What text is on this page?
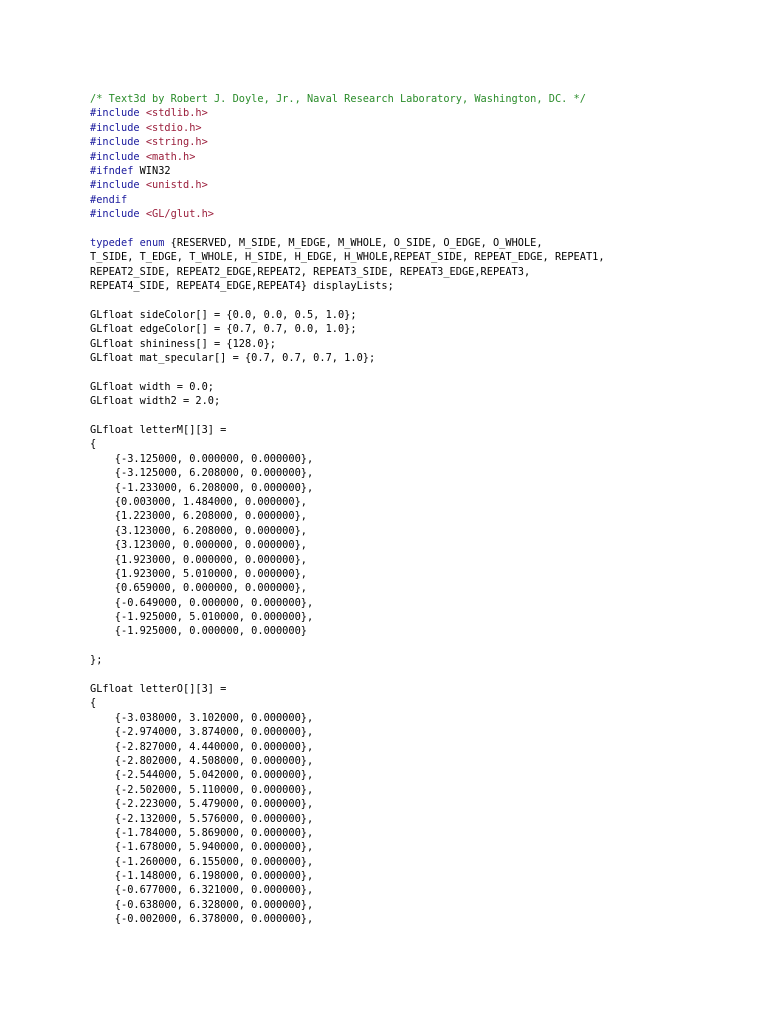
/* Text3d by Robert J. Doyle, Jr., Naval Research Laboratory, Washington, DC. */
#include <stdlib.h>
#include <stdio.h>
#include <string.h>
#include <math.h>
#ifndef WIN32
#include <unistd.h>
#endif
#include <GL/glut.h>
typedef enum {RESERVED, M_SIDE, M_EDGE, M_WHOLE, O_SIDE, O_EDGE, O_WHOLE,
T_SIDE, T_EDGE, T_WHOLE, H_SIDE, H_EDGE, H_WHOLE,REPEAT_SIDE, REPEAT_EDGE, REPEAT1,
REPEAT2_SIDE, REPEAT2_EDGE,REPEAT2, REPEAT3_SIDE, REPEAT3_EDGE,REPEAT3,
REPEAT4_SIDE, REPEAT4_EDGE,REPEAT4} displayLists;
GLfloat sideColor[] = {0.0, 0.0, 0.5, 1.0};
GLfloat edgeColor[] = {0.7, 0.7, 0.0, 1.0};
GLfloat shininess[] = {128.0};
GLfloat mat_specular[] = {0.7, 0.7, 0.7, 1.0};
GLfloat width = 0.0;
GLfloat width2 = 2.0;
GLfloat letterM[][3] =
{
{-3.125000, 0.000000, 0.000000},
{-3.125000, 6.208000, 0.000000},
{-1.233000, 6.208000, 0.000000},
{0.003000, 1.484000, 0.000000},
{1.223000, 6.208000, 0.000000},
{3.123000, 6.208000, 0.000000},
{3.123000, 0.000000, 0.000000},
{1.923000, 0.000000, 0.000000},
{1.923000, 5.010000, 0.000000},
{0.659000, 0.000000, 0.000000},
{-0.649000, 0.000000, 0.000000},
{-1.925000, 5.010000, 0.000000},
{-1.925000, 0.000000, 0.000000}
};
GLfloat letterO[][3] =
{
{-3.038000, 3.102000, 0.000000},
{-2.974000, 3.874000, 0.000000},
{-2.827000, 4.440000, 0.000000},
{-2.802000, 4.508000, 0.000000},
{-2.544000, 5.042000, 0.000000},
{-2.502000, 5.110000, 0.000000},
{-2.223000, 5.479000, 0.000000},
{-2.132000, 5.576000, 0.000000},
{-1.784000, 5.869000, 0.000000},
{-1.678000, 5.940000, 0.000000},
{-1.260000, 6.155000, 0.000000},
{-1.148000, 6.198000, 0.000000},
{-0.677000, 6.321000, 0.000000},
{-0.638000, 6.328000, 0.000000},
{-0.002000, 6.378000, 0.000000},
